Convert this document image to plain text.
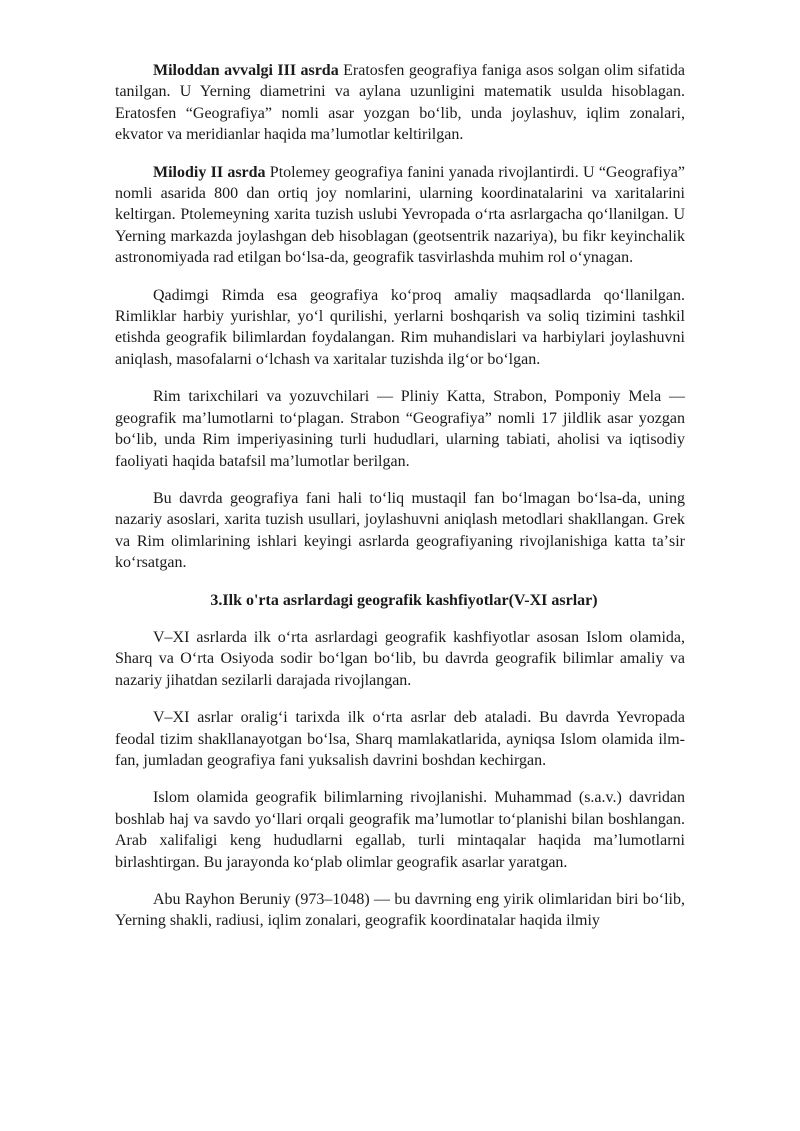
Miloddan avvalgi III asrda Eratosfen geografiya faniga asos solgan olim sifatida tanilgan. U Yerning diametrini va aylana uzunligini matematik usulda hisoblagan. Eratosfen “Geografiya” nomli asar yozgan boʻlib, unda joylashuv, iqlim zonalari, ekvator va meridianlar haqida maʼlumotlar keltirilgan.

Milodiy II asrda Ptolemey geografiya fanini yanada rivojlantirdi. U “Geografiya” nomli asarida 800 dan ortiq joy nomlarini, ularning koordinatalarini va xaritalarini keltirgan. Ptolemeyning xarita tuzish uslubi Yevropada oʻrta asrlargacha qoʻllanilgan. U Yerning markazda joylashgan deb hisoblagan (geotsentrik nazariya), bu fikr keyinchalik astronomiyada rad etilgan boʻlsa-da, geografik tasvirlashda muhim rol oʻynagan.

Qadimgi Rimda esa geografiya koʻproq amaliy maqsadlarda qoʻllanilgan. Rimliklar harbiy yurishlar, yoʻl qurilishi, yerlarni boshqarish va soliq tizimini tashkil etishda geografik bilimlardan foydalangan. Rim muhandislari va harbiylari joylashuvni aniqlash, masofalarni oʻlchash va xaritalar tuzishda ilgʻor boʻlgan.

Rim tarixchilari va yozuvchilari — Pliniy Katta, Strabon, Pomponiy Mela — geografik maʼlumotlarni toʻplagan. Strabon “Geografiya” nomli 17 jildlik asar yozgan boʻlib, unda Rim imperiyasining turli hududlari, ularning tabiati, aholisi va iqtisodiy faoliyati haqida batafsil maʼlumotlar berilgan.

Bu davrda geografiya fani hali toʻliq mustaqil fan boʻlmagan boʻlsa-da, uning nazariy asoslari, xarita tuzish usullari, joylashuvni aniqlash metodlari shakllangan. Grek va Rim olimlarining ishlari keyingi asrlarda geografiyaning rivojlanishiga katta taʼsir koʻrsatgan.

3.Ilk o'rta asrlardagi geografik kashfiyotlar(V-XI asrlar)

V–XI asrlarda ilk oʻrta asrlardagi geografik kashfiyotlar asosan Islom olamida, Sharq va Oʻrta Osiyoda sodir boʻlgan boʻlib, bu davrda geografik bilimlar amaliy va nazariy jihatdan sezilarli darajada rivojlangan.

V–XI asrlar oraligʻi tarixda ilk oʻrta asrlar deb ataladi. Bu davrda Yevropada feodal tizim shakllanayotgan boʻlsa, Sharq mamlakatlarida, ayniqsa Islom olamida ilm-fan, jumladan geografiya fani yuksalish davrini boshdan kechirgan.

Islom olamida geografik bilimlarning rivojlanishi. Muhammad (s.a.v.) davridan boshlab haj va savdo yoʻllari orqali geografik maʼlumotlar toʻplanishi bilan boshlangan. Arab xalifaligi keng hududlarni egallab, turli mintaqalar haqida maʼlumotlarni birlashtirgan. Bu jarayonda koʻplab olimlar geografik asarlar yaratgan.

Abu Rayhon Beruniy (973–1048) — bu davrning eng yirik olimlaridan biri boʻlib, Yerning shakli, radiusi, iqlim zonalari, geografik koordinatalar haqida ilmiy
